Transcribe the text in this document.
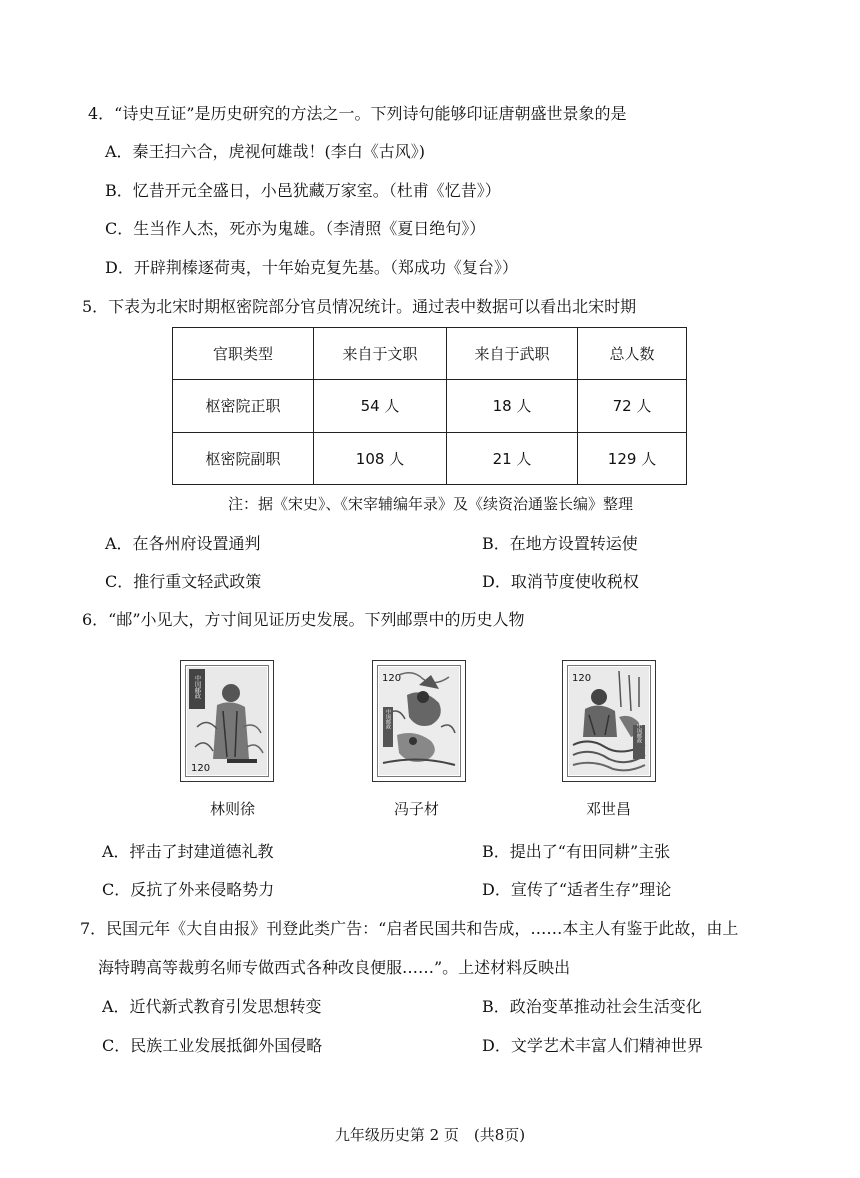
4．“诗史互证”是历史研究的方法之一。下列诗句能够印证唐朝盛世景象的是
A．秦王扫六合，虎视何雄哉！(李白《古风》)
B．忆昔开元全盛日，小邑犹藏万家室。（杜甫《忆昔》）
C．生当作人杰，死亦为鬼雄。（李清照《夏日绝句》）
D．开辟荆榛逐荷夷，十年始克复先基。（郑成功《复台》）
5．下表为北宋时期枢密院部分官员情况统计。通过表中数据可以看出北宋时期
官职类型	来自于文职	来自于武职	总人数
枢密院正职	54 人	18 人	72 人
枢密院副职	108 人	21 人	129 人
注：据《宋史》、《宋宰辅编年录》及《续资治通鉴长编》整理
A．在各州府设置通判	B．在地方设置转运使
C．推行重文轻武政策	D．取消节度使收税权
6．“邮”小见大，方寸间见证历史发展。下列邮票中的历史人物
中国邮政
120
林则徐
120
中国邮政
冯子材
120
中国邮政
邓世昌
A．抨击了封建道德礼教	B．提出了“有田同耕”主张
C．反抗了外来侵略势力	D．宣传了“适者生存”理论
7．民国元年《大自由报》刊登此类广告：“启者民国共和告成，……本主人有鉴于此故，由上
海特聘高等裁剪名师专做西式各种改良便服……”。上述材料反映出
A．近代新式教育引发思想转变	B．政治变革推动社会生活变化
C．民族工业发展抵御外国侵略	D．文学艺术丰富人们精神世界
九年级历史第 2 页　(共8页)
